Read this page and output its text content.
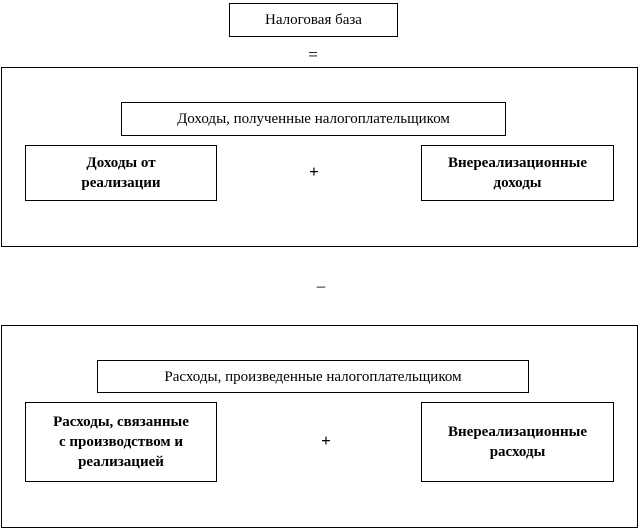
Налоговая база
=
Доходы, полученные налогоплательщиком
Доходы от
реализации
+	Внереализационные
доходы
–
Расходы, произведенные налогоплательщиком
Расходы, связанные
с производством и
реализацией
+	Внереализационные
расходы
